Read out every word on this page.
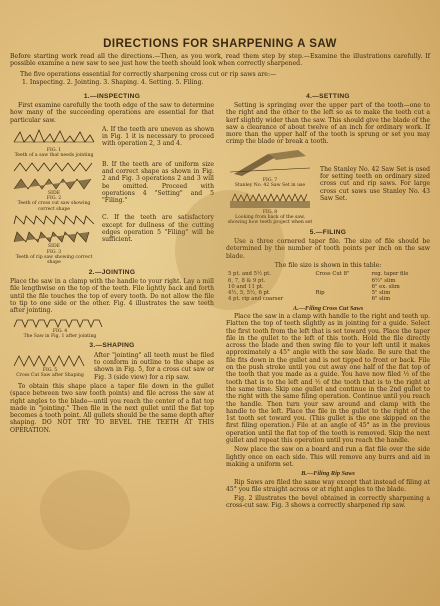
DIRECTIONS FOR SHARPENING A SAW

Before starting work read all the directions.—Then, as you work, read them step by step.—Examine the illustrations carefully. If possible examine a new saw to see just how the teeth should look when correctly sharpened.

The five operations essential for correctly sharpening cross cut or rip saws are:—

1. Inspecting. 2. Jointing. 3. Shaping. 4. Setting. 5. Filing.
1.—INSPECTING

First examine carefully the tooth edge of the saw to determine how many of the succeeding operations are essential for that particular saw.

FIG. 1
Teeth of a saw that needs jointing
A. If the teeth are uneven as shown in Fig. 1 it is necessary to proceed with operation 2, 3 and 4.
SIDE
FIG. 2
Teeth of cross cut saw showing correct shape
B. If the teeth are of uniform size and correct shape as shown in Fig. 2 and Fig. 3 operations 2 and 3 will be omitted. Proceed with operations 4 "Setting" and 5 "Filing."
SIDE
FIG. 3
Teeth of rip saw showing correct shape
C. If the teeth are satisfactory except for dullness of the cutting edges operation 5 "Filing" will be sufficient.
2.—JOINTING
Place the saw in a clamp with the handle to your right. Lay a mill file lengthwise on the top of the teeth. File lightly back and forth until the file touches the top of every tooth. Do not allow the file to tip to one side or the other. Fig. 4 illustrates the saw teeth after jointing.
FIG. 4
The Saw in Fig. 1 after jointing
3.—SHAPING
FIG. 5
Cross Cut Saw after Shaping
After "jointing" all teeth must be filed to conform in outline to the shape as shown in Fig. 5, for a cross cut saw or Fig. 3 (side view) for a rip saw.

To obtain this shape place a taper file down in the gullet (space between two saw tooth points) and file across the saw at right angles to the blade—until you reach the center of a flat top made in "jointing." Then file in the next gullet until the flat top becomes a tooth point. All gullets should be the same depth after shaping. DO NOT TRY TO BEVEL THE TEETH AT THIS OPERATION.

4.—SETTING

Setting is springing over the upper part of the tooth—one to the right and the other to the left so as to make the teeth cut a kerf slightly wider than the saw. This should give the blade of the saw a clearance of about twelve of an inch for ordinary work. If more than the upper half of the tooth is sprung or set you may crimp the blade or break a tooth.

FIG. 7
Stanley No. 42 Saw Set in use
FIG. 8
Looking from back of the saw, showing how teeth project when set
The Stanley No. 42 Saw Set is used for setting teeth on ordinary sized cross cut and rip saws. For large cross cut saws use Stanley No. 43 Saw Set.
5.—FILING

Use a three cornered taper file. The size of file should be determined by the number of tooth points per inch on the saw blade.

The file size is shown in this table:
5 pt. and 5½ pt.	Cross Cut 8"	reg. taper file
6, 7, 8 & 9 pt.		6½" slim
10 and 11 pt.		6" ex. slim
4½, 5, 5½, 6 pt.	Rip	5" slim
4 pt. rip and coarser		6" slim
A.—Filing Cross Cut Saws

Place the saw in a clamp with handle to the right and teeth up. Flatten the top of teeth slightly as in jointing for a guide. Select the first tooth from the left that is set toward you. Place the taper file in the gullet to the left of this tooth. Hold the file directly across the blade and then swing file to your left until it makes approximately a 45° angle with the saw blade. Be sure that the file fits down in the gullet and is not tipped to front or back. File on the push stroke until you cut away one half of the flat top of the tooth that you made as a guide. You have now filed ½ of the tooth that is to the left and ½ of the tooth that is to the right at the same time. Skip one gullet and continue in the 2nd gullet to the right with the same filing operation. Continue until you reach the handle. Then turn your saw around and clamp with the handle to the left. Place the file in the gullet to the right of the 1st tooth set toward you. (This gullet is the one skipped on the first filing operation.) File at an angle of 45° as in the previous operation until the flat top of the tooth is removed. Skip the next gullet and repeat this operation until you reach the handle.

Now place the saw on a board and run a flat file over the side lightly once on each side. This will remove any burrs and aid in making a uniform set.

B.—Filing Rip Saws

Rip Saws are filed the same way except that instead of filing at 45° you file straight across or at right angles to the blade.

Fig. 2 illustrates the bevel obtained in correctly sharpening a cross-cut saw. Fig. 3 shows a correctly sharpened rip saw.
